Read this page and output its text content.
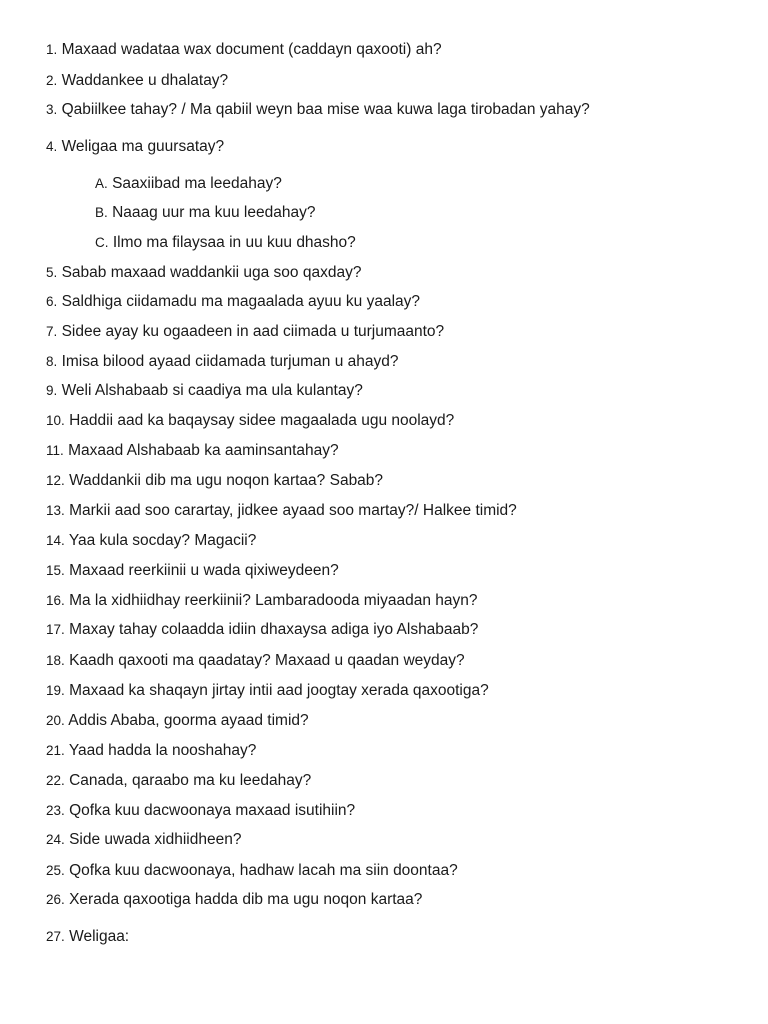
1. Maxaad wadataa wax document (caddayn qaxooti) ah?
2. Waddankee u dhalatay?
3. Qabiilkee tahay? / Ma qabiil weyn baa mise waa kuwa laga tirobadan yahay?
4. Weligaa ma guursatay?
A. Saaxiibad ma leedahay?
B. Naaag uur ma kuu leedahay?
C. Ilmo ma filaysaa in uu kuu dhasho?
5. Sabab maxaad waddankii uga soo qaxday?
6. Saldhiga ciidamadu ma magaalada ayuu ku yaalay?
7. Sidee ayay ku ogaadeen in aad ciimada u turjumaanto?
8. Imisa bilood ayaad ciidamada turjuman u ahayd?
9. Weli Alshabaab si caadiya ma ula kulantay?
10. Haddii aad ka baqaysay sidee magaalada ugu noolayd?
11. Maxaad Alshabaab ka aaminsantahay?
12. Waddankii dib ma ugu noqon kartaa? Sabab?
13. Markii aad soo carartay, jidkee ayaad soo martay?/ Halkee timid?
14. Yaa kula socday? Magacii?
15. Maxaad reerkiinii u wada qixiweydeen?
16. Ma la xidhiidhay reerkiinii? Lambaradooda miyaadan hayn?
17. Maxay tahay colaadda idiin dhaxaysa adiga iyo Alshabaab?
18. Kaadh qaxooti ma qaadatay? Maxaad u qaadan weyday?
19. Maxaad ka shaqayn jirtay intii aad joogtay xerada qaxootiga?
20. Addis Ababa, goorma ayaad timid?
21. Yaad hadda la nooshahay?
22. Canada, qaraabo ma ku leedahay?
23. Qofka kuu dacwoonaya maxaad isutihiin?
24. Side uwada xidhiidheen?
25. Qofka kuu dacwoonaya, hadhaw lacah ma siin doontaa?
26. Xerada qaxootiga hadda dib ma ugu noqon kartaa?
27. Weligaa:
